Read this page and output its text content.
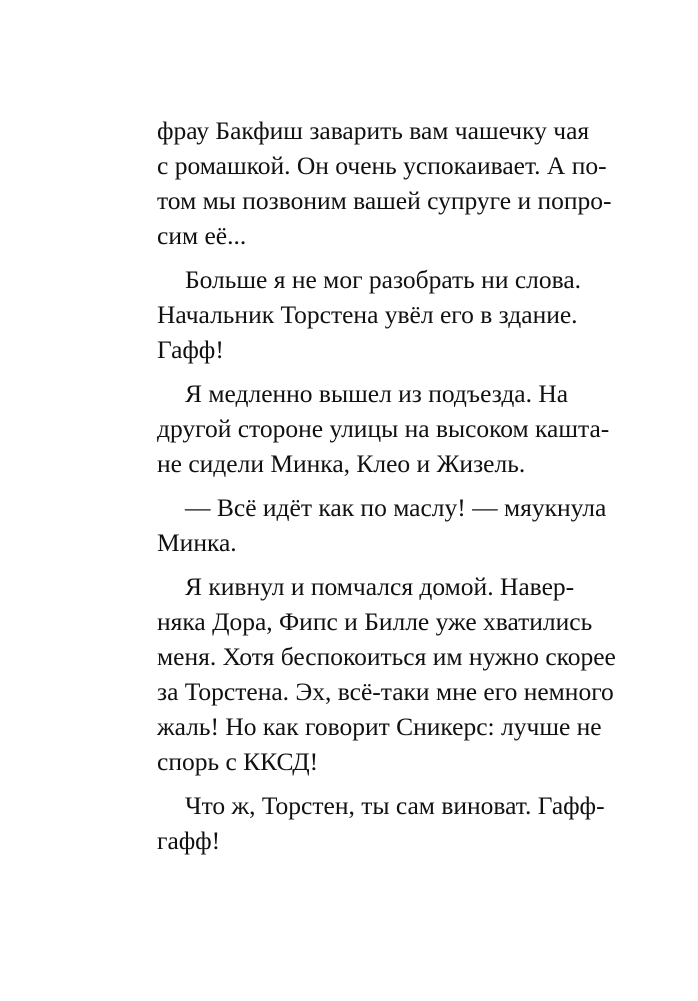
фрау Бакфиш заварить вам чашечку чая
с ромашкой. Он очень успокаивает. А по-
том мы позвоним вашей супруге и попро-
сим её...
Больше я не мог разобрать ни слова.
Начальник Торстена увёл его в здание.
Гафф!
Я медленно вышел из подъезда. На
другой стороне улицы на высоком кашта-
не сидели Минка, Клео и Жизель.
— Всё идёт как по маслу! — мяукнула
Минка.
Я кивнул и помчался домой. Навер-
няка Дора, Фипс и Билле уже хватились
меня. Хотя беспокоиться им нужно скорее
за Торстена. Эх, всё-таки мне его немного
жаль! Но как говорит Сникерс: лучше не
спорь с ККСД!
Что ж, Торстен, ты сам виноват. Гафф-
гафф!
